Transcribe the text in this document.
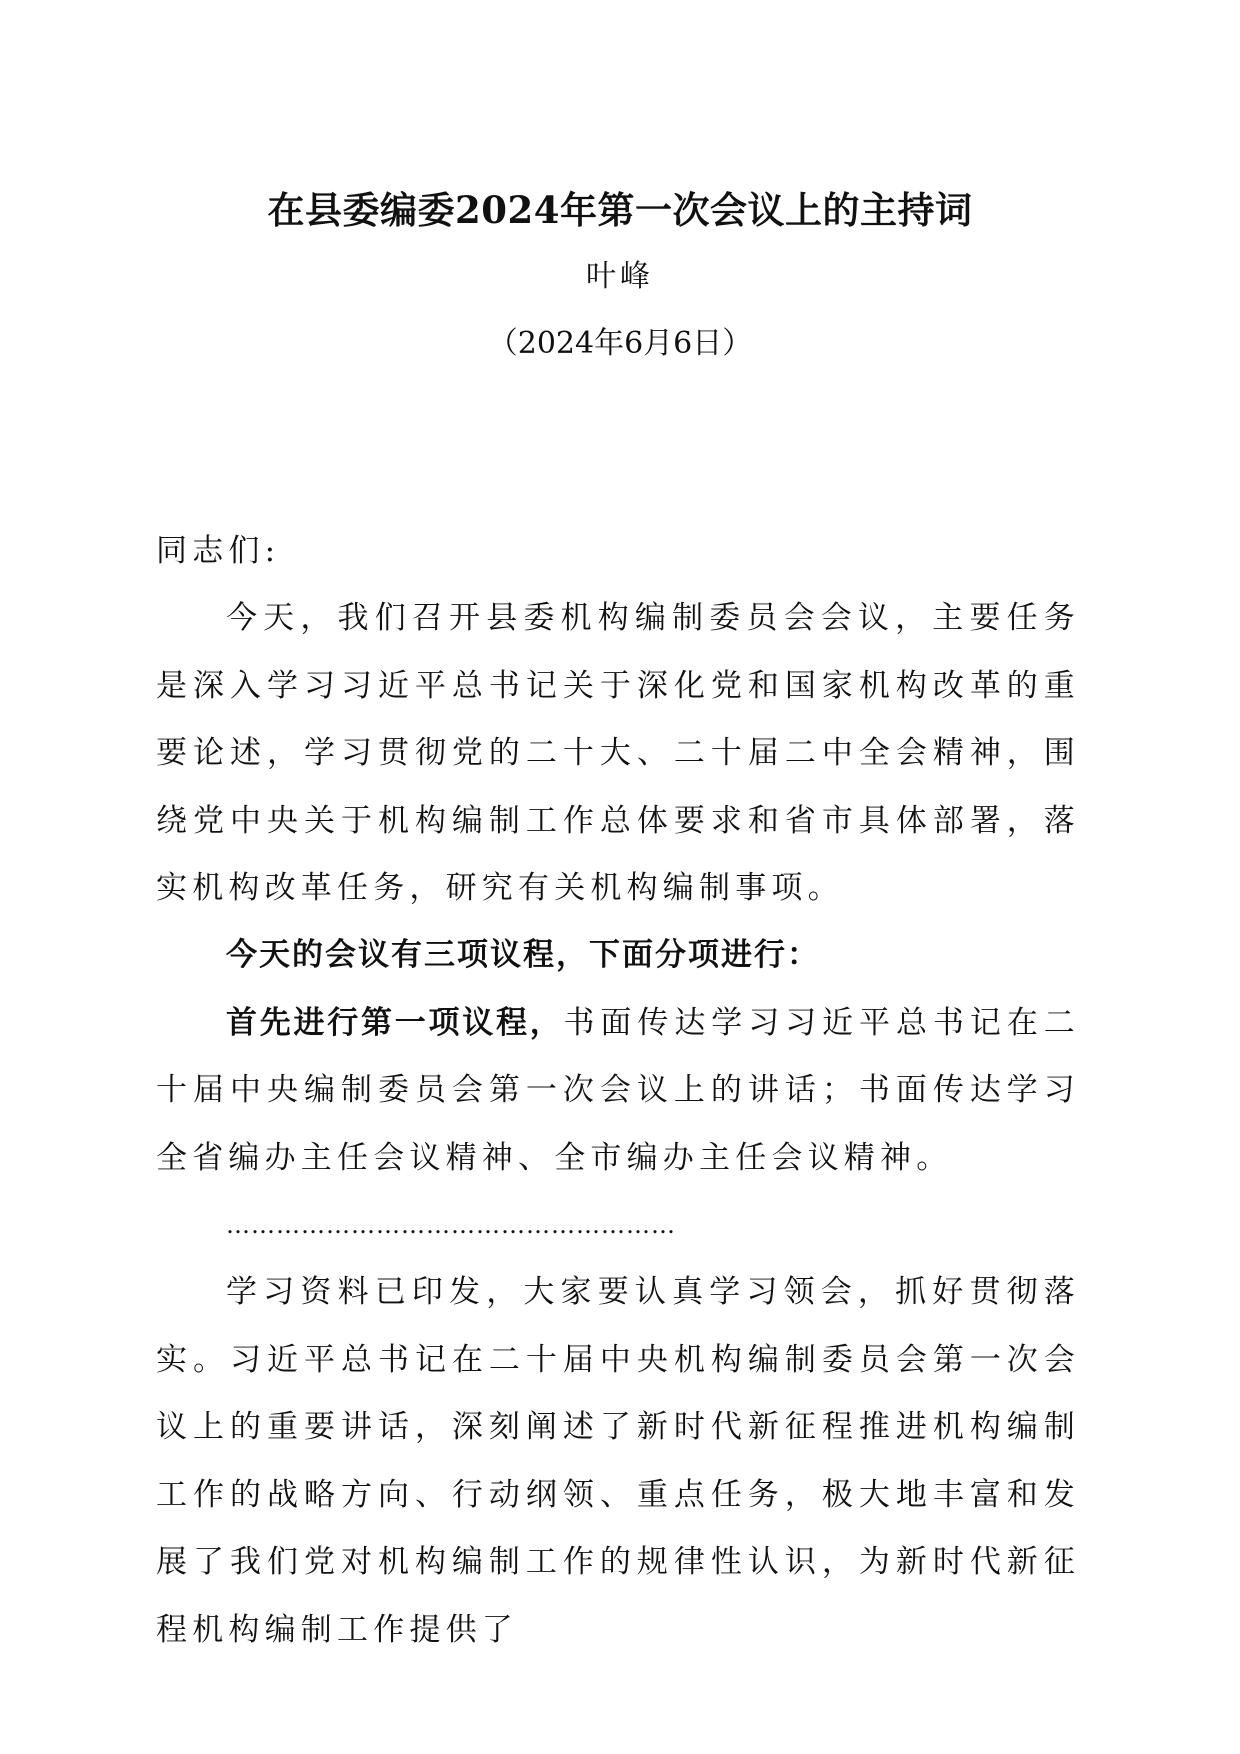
在县委编委2024年第一次会议上的主持词

叶峰

（2024年6月6日）

同志们:

今天，我们召开县委机构编制委员会会议，主要任务是深入学习习近平总书记关于深化党和国家机构改革的重要论述，学习贯彻党的二十大、二十届二中全会精神，围绕党中央关于机构编制工作总体要求和省市具体部署，落实机构改革任务，研究有关机构编制事项。

今天的会议有三项议程，下面分项进行：

首先进行第一项议程，书面传达学习习近平总书记在二十届中央编制委员会第一次会议上的讲话；书面传达学习全省编办主任会议精神、全市编办主任会议精神。

………………………………………………

学习资料已印发，大家要认真学习领会，抓好贯彻落实。习近平总书记在二十届中央机构编制委员会第一次会议上的重要讲话，深刻阐述了新时代新征程推进机构编制工作的战略方向、行动纲领、重点任务，极大地丰富和发展了我们党对机构编制工作的规律性认识，为新时代新征程机构编制工作提供了
